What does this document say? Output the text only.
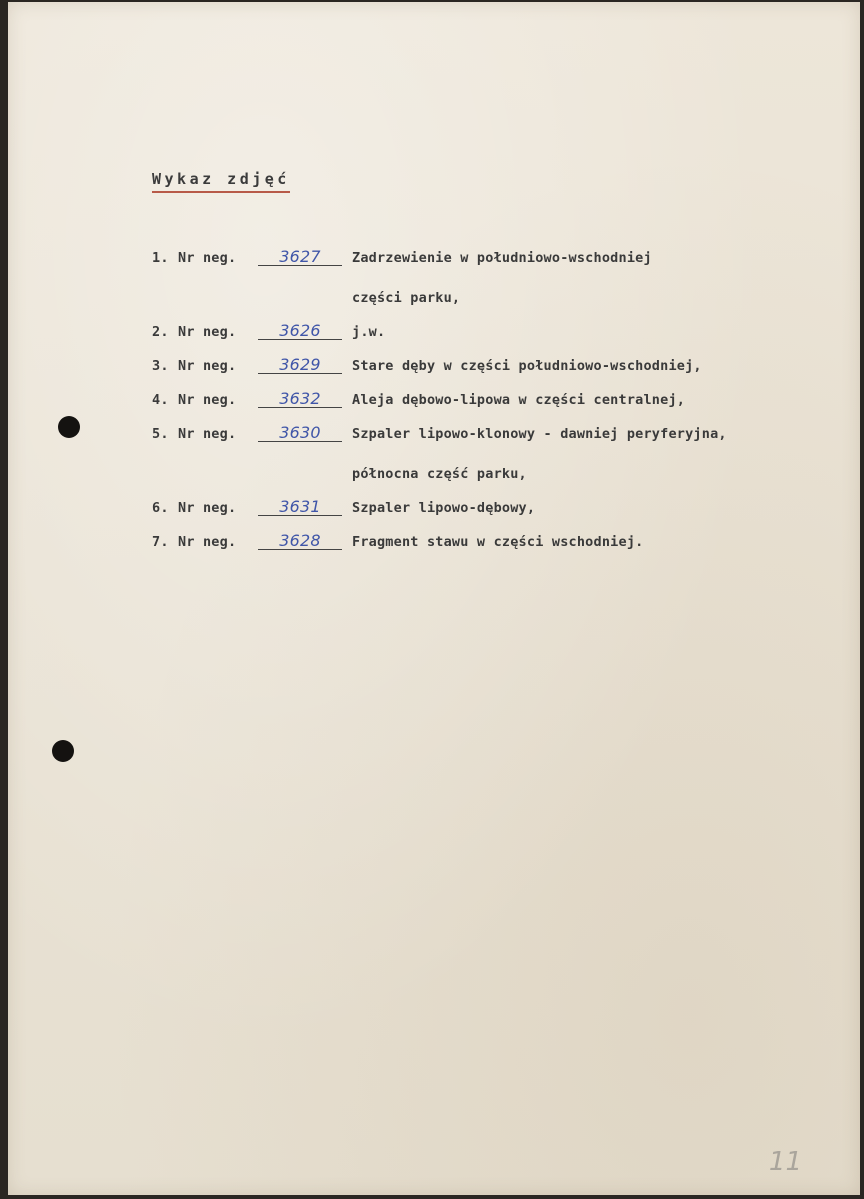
Wykaz zdjęć
1. Nr neg.	3627	Zadrzewienie w południowo-wschodniej
części parku,
2. Nr neg.	3626	j.w.
3. Nr neg.	3629	Stare dęby w części południowo-wschodniej,
4. Nr neg.	3632	Aleja dębowo-lipowa w części centralnej,
5. Nr neg.	3630	Szpaler lipowo-klonowy - dawniej peryferyjna,
północna część parku,
6. Nr neg.	3631	Szpaler lipowo-dębowy,
7. Nr neg.	3628	Fragment stawu w części wschodniej.
11
